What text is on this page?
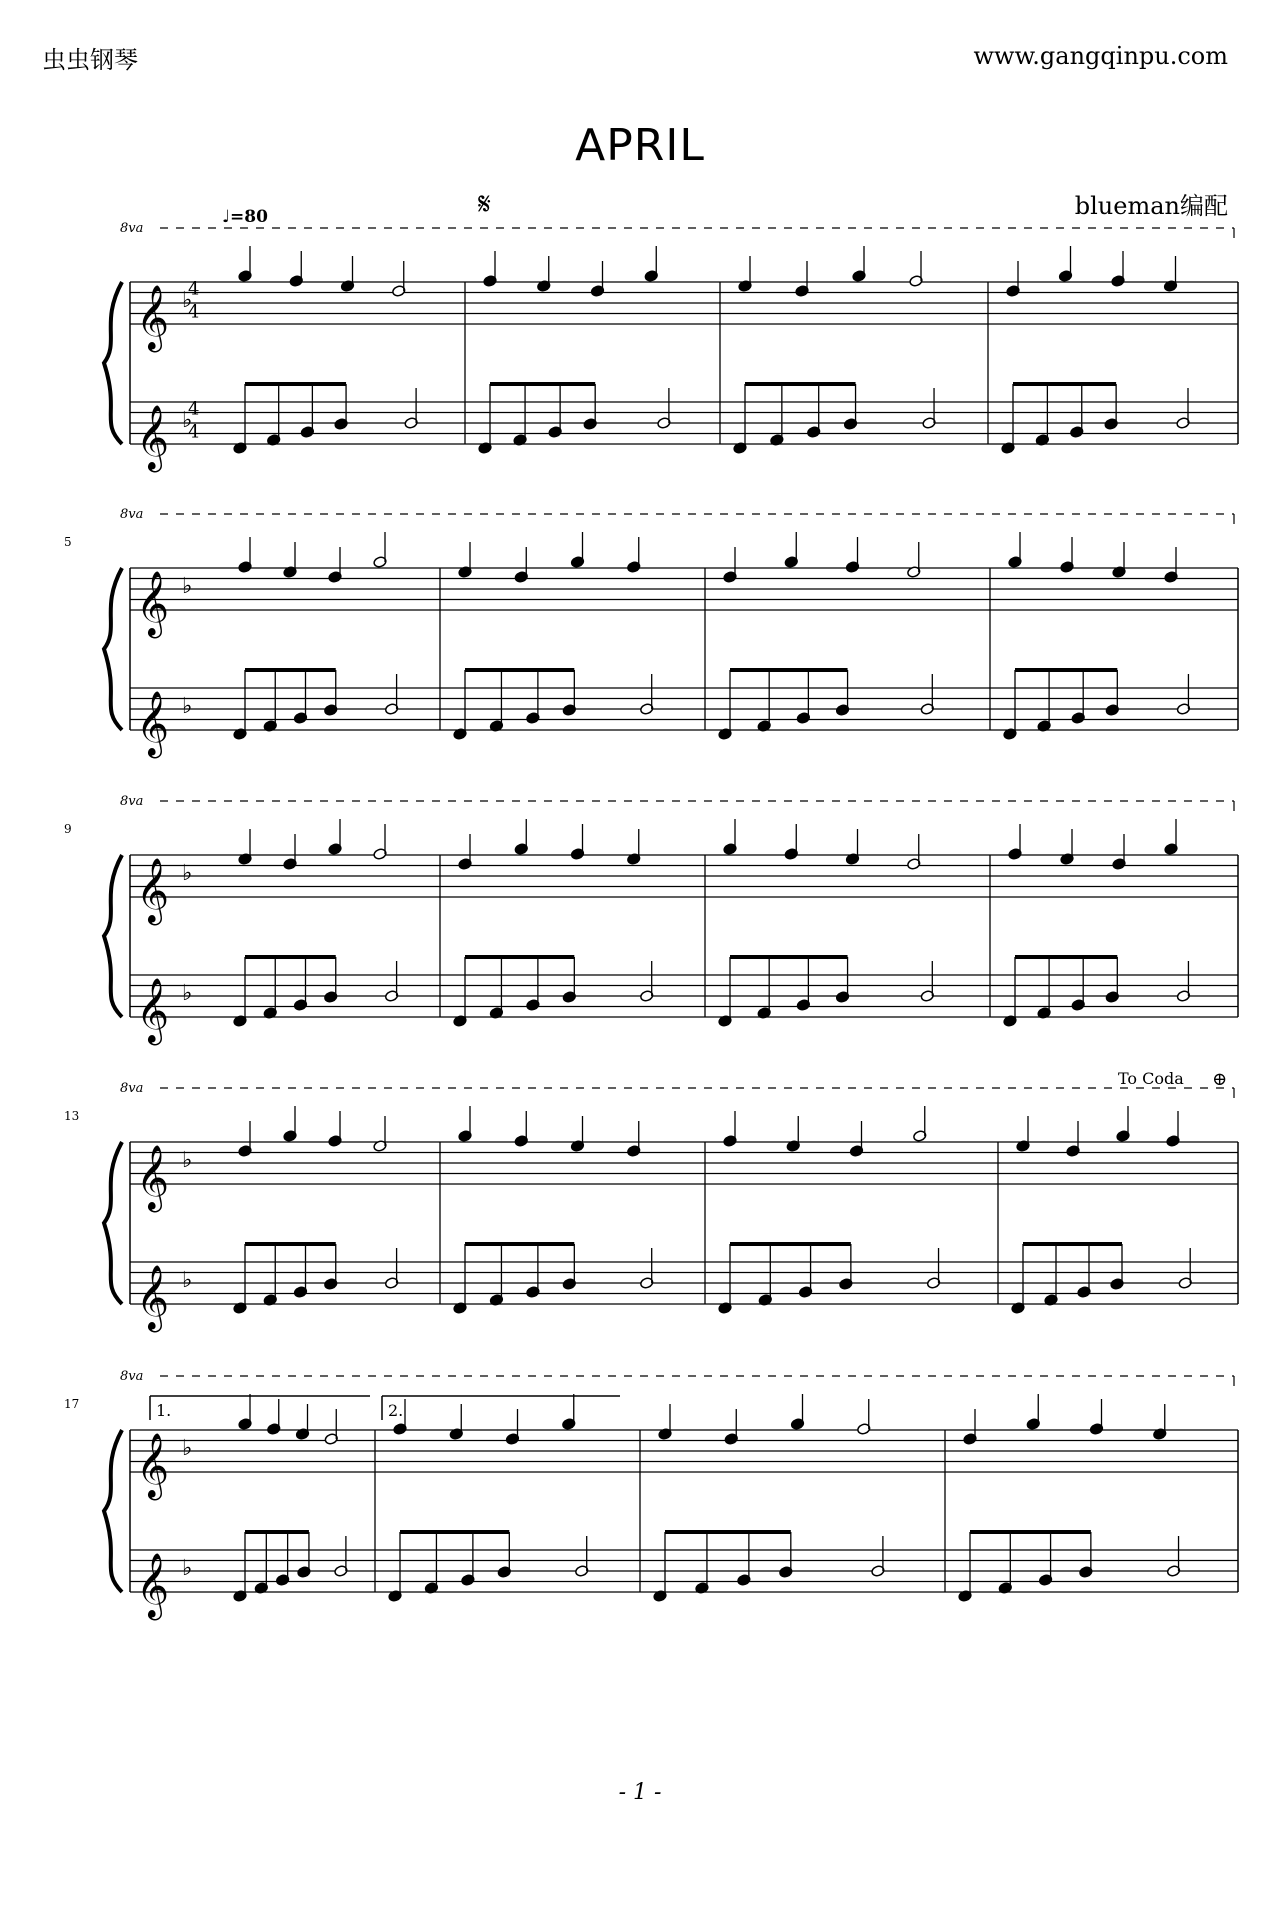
虫虫钢琴	www.gangqinpu.com
APRIL
blueman编配
𝄞
𝄞
♭
♭
8va
4
4
4
4
♩=80	𝄋
𝄞
𝄞
♭
♭
5
8va
𝄞
𝄞
♭
♭
9
8va
𝄞
𝄞
♭
♭
13
8va
To Coda ⊕
𝄞
𝄞
♭
♭
17
8va
1.	2.
- 1 -
